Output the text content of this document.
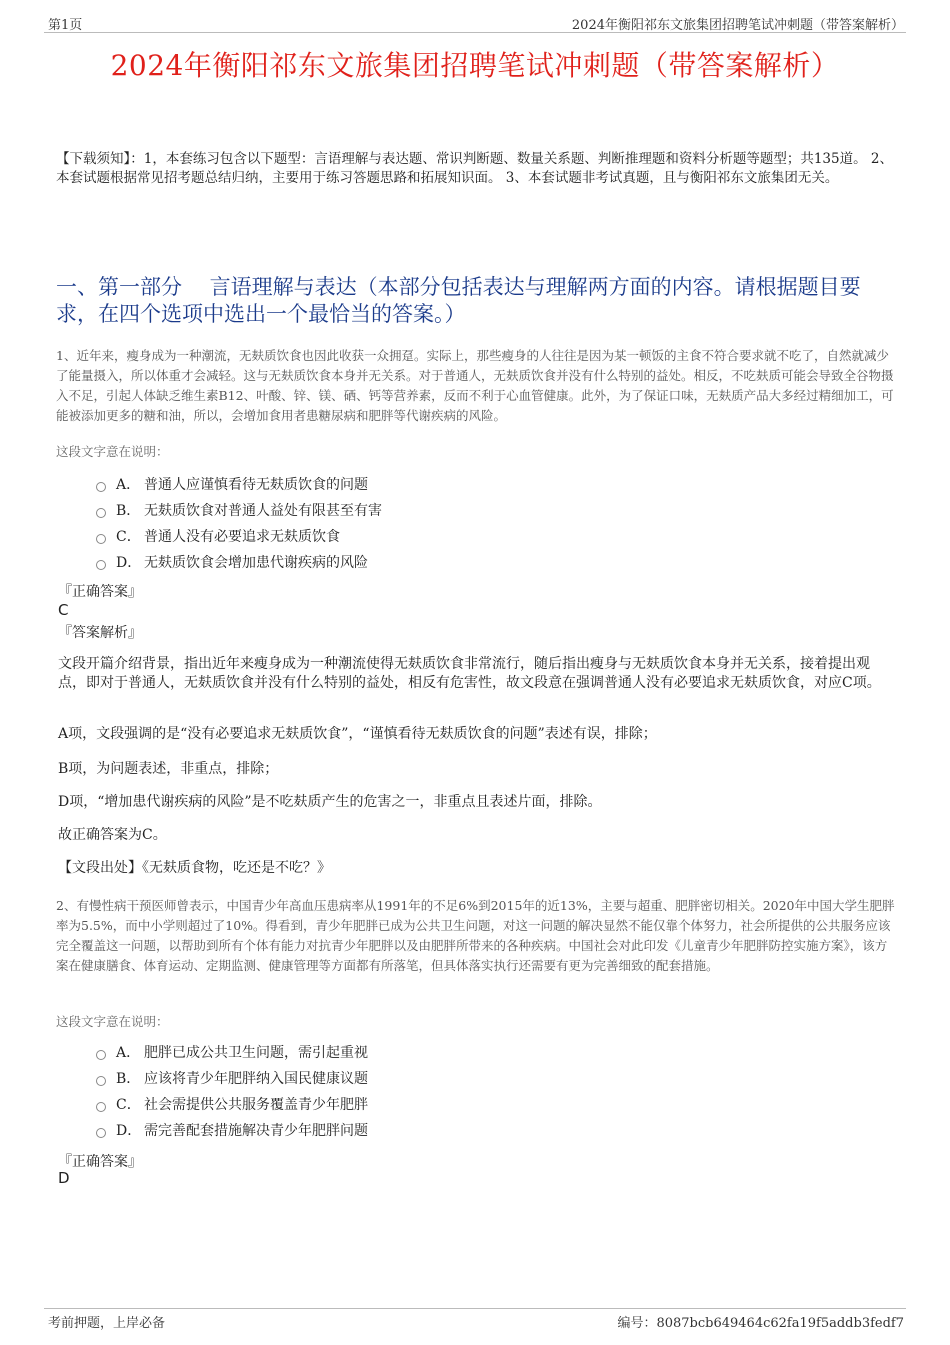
第1页	2024年衡阳祁东文旅集团招聘笔试冲刺题（带答案解析）
2024年衡阳祁东文旅集团招聘笔试冲刺题（带答案解析）
【下载须知】：1，本套练习包含以下题型：言语理解与表达题、常识判断题、数量关系题、判断推理题和资料分析题等题型；共135道。 2、本套试题根据常见招考题总结归纳，主要用于练习答题思路和拓展知识面。 3、本套试题非考试真题，且与衡阳祁东文旅集团无关。
一、第一部分　 言语理解与表达（本部分包括表达与理解两方面的内容。请根据题目要求，在四个选项中选出一个最恰当的答案。）
1、近年来，瘦身成为一种潮流，无麸质饮食也因此收获一众拥趸。实际上，那些瘦身的人往往是因为某一顿饭的主食不符合要求就不吃了，自然就减少了能量摄入，所以体重才会减轻。这与无麸质饮食本身并无关系。对于普通人，无麸质饮食并没有什么特别的益处。相反，不吃麸质可能会导致全谷物摄入不足，引起人体缺乏维生素B12、叶酸、锌、镁、硒、钙等营养素，反而不利于心血管健康。此外，为了保证口味，无麸质产品大多经过精细加工，可能被添加更多的糖和油，所以，会增加食用者患糖尿病和肥胖等代谢疾病的风险。
这段文字意在说明：
A． 普通人应谨慎看待无麸质饮食的问题
B． 无麸质饮食对普通人益处有限甚至有害
C． 普通人没有必要追求无麸质饮食
D． 无麸质饮食会增加患代谢疾病的风险
『正确答案』
C
『答案解析』
文段开篇介绍背景，指出近年来瘦身成为一种潮流使得无麸质饮食非常流行，随后指出瘦身与无麸质饮食本身并无关系，接着提出观点，即对于普通人，无麸质饮食并没有什么特别的益处，相反有危害性，故文段意在强调普通人没有必要追求无麸质饮食，对应C项。
A项，文段强调的是“没有必要追求无麸质饮食”，“谨慎看待无麸质饮食的问题”表述有误，排除；
B项，为问题表述，非重点，排除；
D项，“增加患代谢疾病的风险”是不吃麸质产生的危害之一，非重点且表述片面，排除。
故正确答案为C。
【文段出处】《无麸质食物，吃还是不吃？》
2、有慢性病干预医师曾表示，中国青少年高血压患病率从1991年的不足6%到2015年的近13%，主要与超重、肥胖密切相关。2020年中国大学生肥胖率为5.5%，而中小学则超过了10%。得看到，青少年肥胖已成为公共卫生问题，对这一问题的解决显然不能仅靠个体努力，社会所提供的公共服务应该完全覆盖这一问题，以帮助到所有个体有能力对抗青少年肥胖以及由肥胖所带来的各种疾病。中国社会对此印发《儿童青少年肥胖防控实施方案》，该方案在健康膳食、体育运动、定期监测、健康管理等方面都有所落笔，但具体落实执行还需要有更为完善细致的配套措施。
这段文字意在说明：
A． 肥胖已成公共卫生问题，需引起重视
B． 应该将青少年肥胖纳入国民健康议题
C． 社会需提供公共服务覆盖青少年肥胖
D． 需完善配套措施解决青少年肥胖问题
『正确答案』
D
考前押题，上岸必备	编号：8087bcb649464c62fa19f5addb3fedf7
